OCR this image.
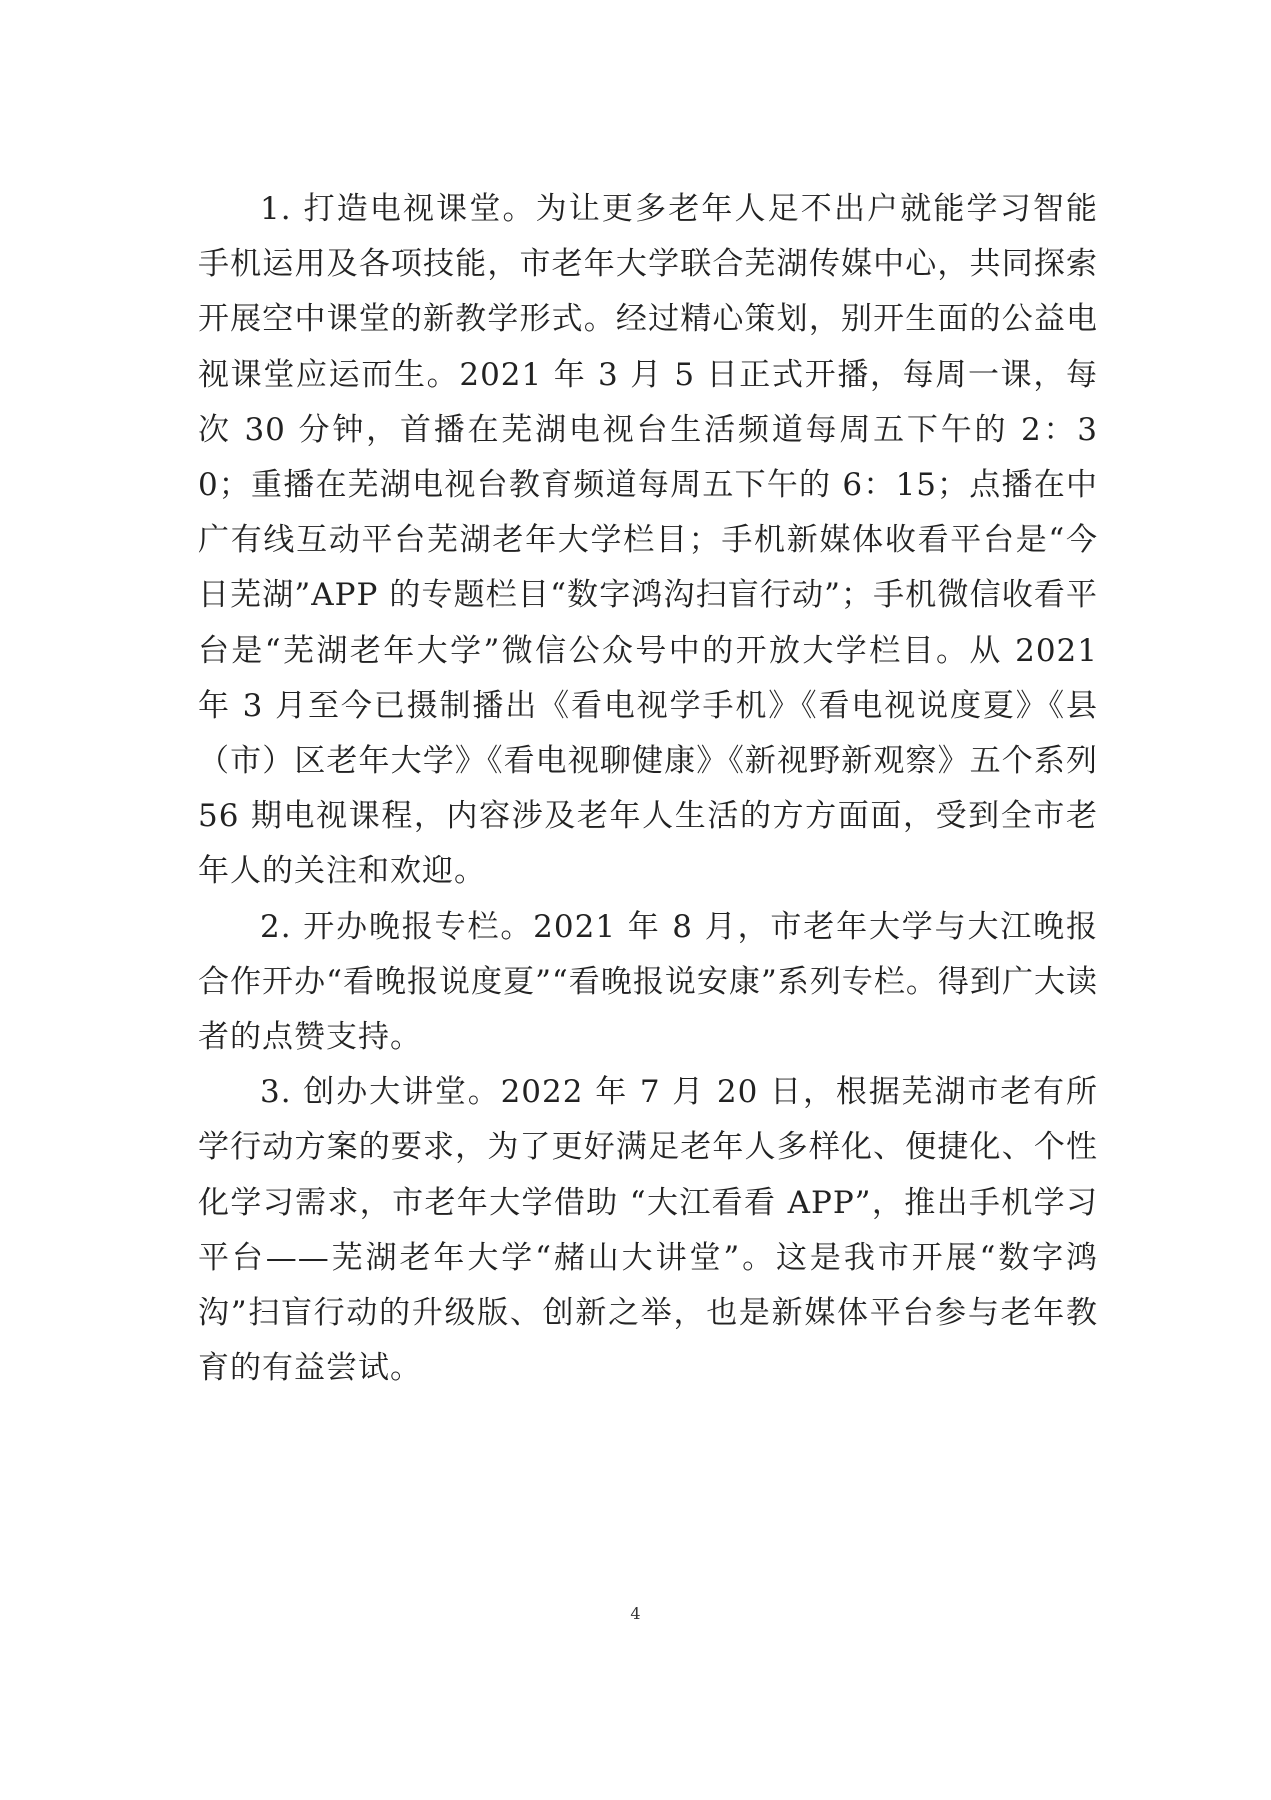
1. 打造电视课堂。为让更多老年人足不出户就能学习智能手机运用及各项技能，市老年大学联合芜湖传媒中心，共同探索开展空中课堂的新教学形式。经过精心策划，别开生面的公益电视课堂应运而生。2021 年 3 月 5 日正式开播，每周一课，每次 30 分钟，首播在芜湖电视台生活频道每周五下午的 2：30；重播在芜湖电视台教育频道每周五下午的 6：15；点播在中广有线互动平台芜湖老年大学栏目；手机新媒体收看平台是“今日芜湖”APP 的专题栏目“数字鸿沟扫盲行动”；手机微信收看平台是“芜湖老年大学”微信公众号中的开放大学栏目。从 2021 年 3 月至今已摄制播出《看电视学手机》《看电视说度夏》《县（市）区老年大学》《看电视聊健康》《新视野新观察》五个系列 56 期电视课程，内容涉及老年人生活的方方面面，受到全市老年人的关注和欢迎。

2. 开办晚报专栏。2021 年 8 月，市老年大学与大江晚报合作开办“看晚报说度夏”“看晚报说安康”系列专栏。得到广大读者的点赞支持。

3. 创办大讲堂。2022 年 7 月 20 日，根据芜湖市老有所学行动方案的要求，为了更好满足老年人多样化、便捷化、个性化学习需求，市老年大学借助 “大江看看 APP”，推出手机学习平台——芜湖老年大学“赭山大讲堂”。这是我市开展“数字鸿沟”扫盲行动的升级版、创新之举，也是新媒体平台参与老年教育的有益尝试。

4
